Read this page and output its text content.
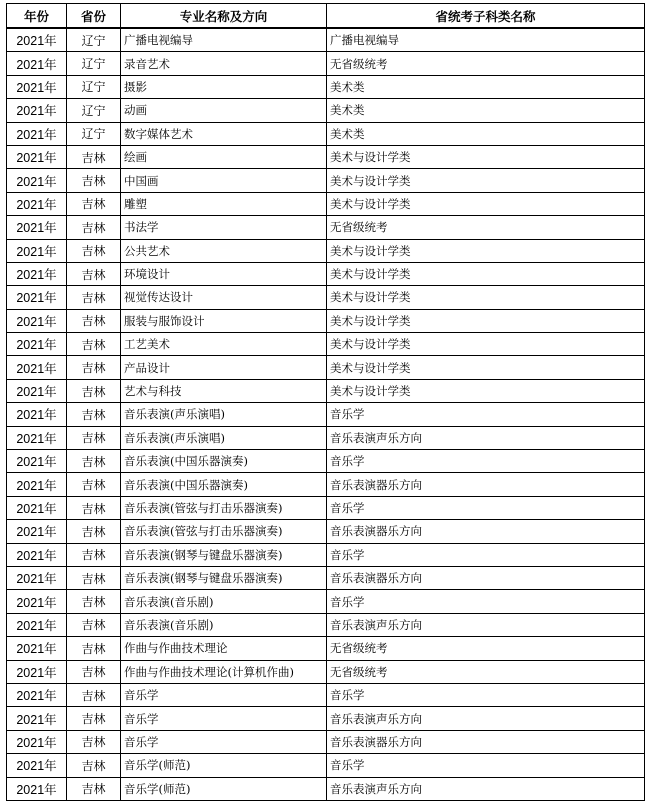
年份	省份	专业名称及方向	省统考子科类名称
2021年	辽宁	广播电视编导	广播电视编导
2021年	辽宁	录音艺术	无省级统考
2021年	辽宁	摄影	美术类
2021年	辽宁	动画	美术类
2021年	辽宁	数字媒体艺术	美术类
2021年	吉林	绘画	美术与设计学类
2021年	吉林	中国画	美术与设计学类
2021年	吉林	雕塑	美术与设计学类
2021年	吉林	书法学	无省级统考
2021年	吉林	公共艺术	美术与设计学类
2021年	吉林	环境设计	美术与设计学类
2021年	吉林	视觉传达设计	美术与设计学类
2021年	吉林	服装与服饰设计	美术与设计学类
2021年	吉林	工艺美术	美术与设计学类
2021年	吉林	产品设计	美术与设计学类
2021年	吉林	艺术与科技	美术与设计学类
2021年	吉林	音乐表演(声乐演唱)	音乐学
2021年	吉林	音乐表演(声乐演唱)	音乐表演声乐方向
2021年	吉林	音乐表演(中国乐器演奏)	音乐学
2021年	吉林	音乐表演(中国乐器演奏)	音乐表演器乐方向
2021年	吉林	音乐表演(管弦与打击乐器演奏)	音乐学
2021年	吉林	音乐表演(管弦与打击乐器演奏)	音乐表演器乐方向
2021年	吉林	音乐表演(钢琴与键盘乐器演奏)	音乐学
2021年	吉林	音乐表演(钢琴与键盘乐器演奏)	音乐表演器乐方向
2021年	吉林	音乐表演(音乐剧)	音乐学
2021年	吉林	音乐表演(音乐剧)	音乐表演声乐方向
2021年	吉林	作曲与作曲技术理论	无省级统考
2021年	吉林	作曲与作曲技术理论(计算机作曲)	无省级统考
2021年	吉林	音乐学	音乐学
2021年	吉林	音乐学	音乐表演声乐方向
2021年	吉林	音乐学	音乐表演器乐方向
2021年	吉林	音乐学(师范)	音乐学
2021年	吉林	音乐学(师范)	音乐表演声乐方向
